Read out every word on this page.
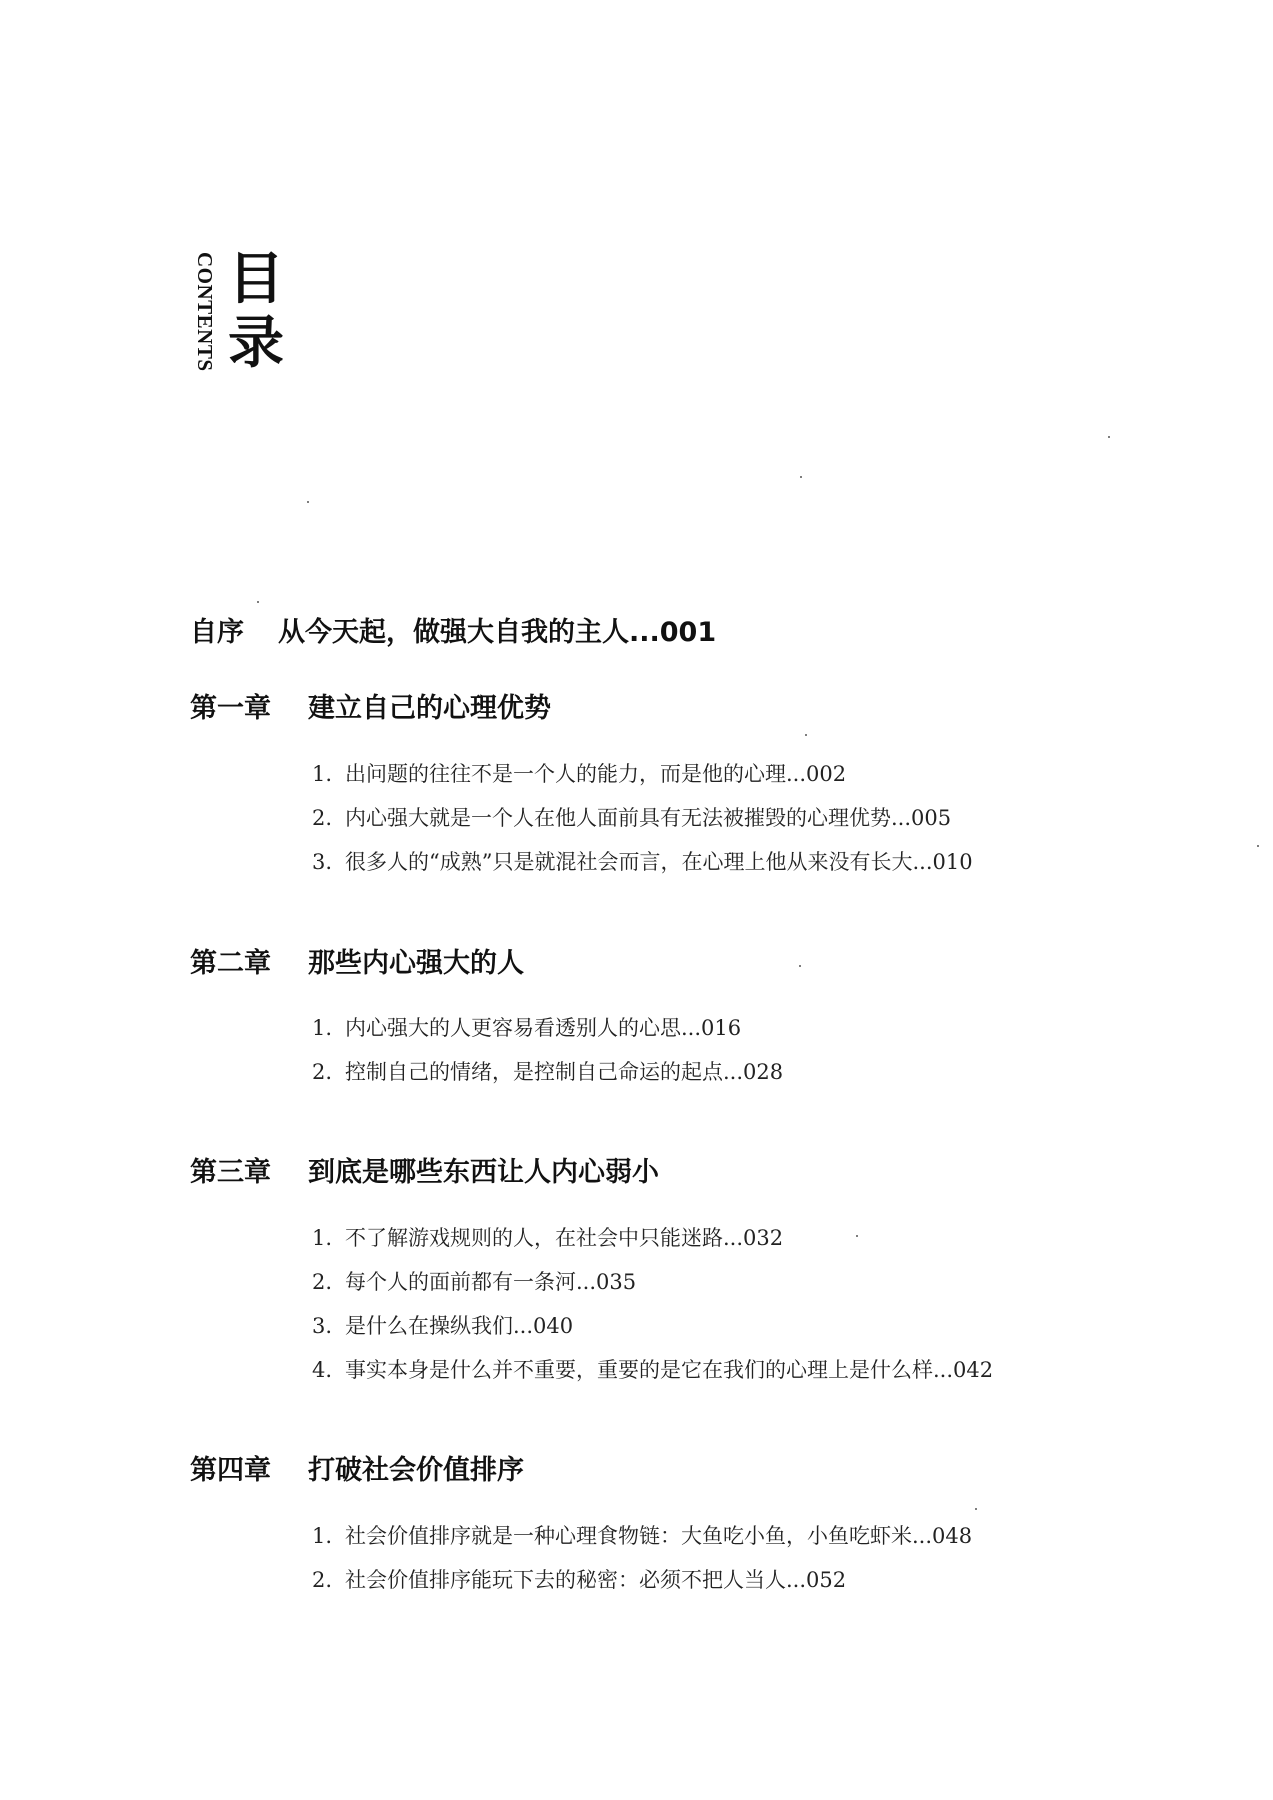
CONTENTS 目
录
自序 从今天起，做强大自我的主人...001
第一章 建立自己的心理优势
1. 出问题的往往不是一个人的能力，而是他的心理...002
2. 内心强大就是一个人在他人面前具有无法被摧毁的心理优势...005
3. 很多人的“成熟”只是就混社会而言，在心理上他从来没有长大...010
第二章 那些内心强大的人
1. 内心强大的人更容易看透别人的心思...016
2. 控制自己的情绪，是控制自己命运的起点...028
第三章 到底是哪些东西让人内心弱小
1. 不了解游戏规则的人，在社会中只能迷路...032
2. 每个人的面前都有一条河...035
3. 是什么在操纵我们...040
4. 事实本身是什么并不重要，重要的是它在我们的心理上是什么样...042
第四章 打破社会价值排序
1. 社会价值排序就是一种心理食物链：大鱼吃小鱼，小鱼吃虾米...048
2. 社会价值排序能玩下去的秘密：必须不把人当人...052
